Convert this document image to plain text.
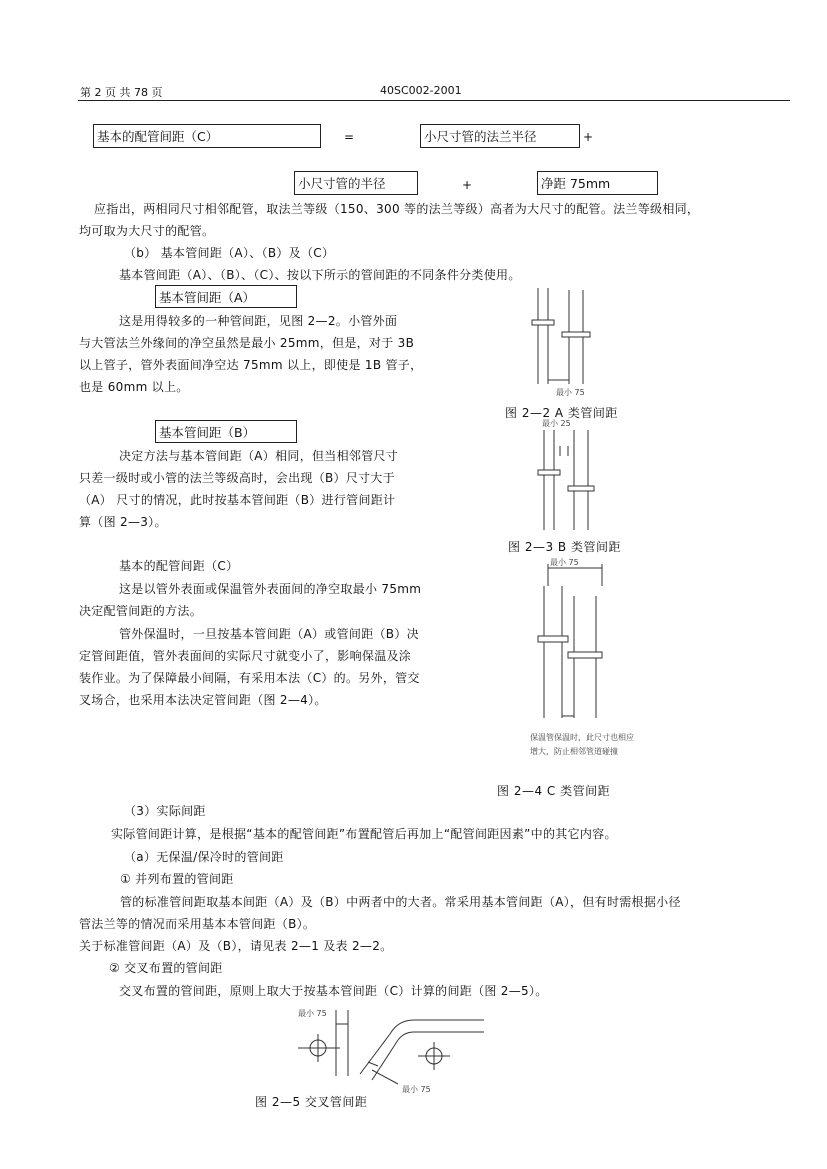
第 2 页 共 78 页	40SC002-2001
基本的配管间距（C）	=	小尺寸管的法兰半径	+
小尺寸管的半径	+	净距 75mm
应指出，两相同尺寸相邻配管，取法兰等级（150、300 等的法兰等级）高者为大尺寸的配管。法兰等级相同，
均可取为大尺寸的配管。
（b） 基本管间距（A）、（B）及（C）
基本管间距（A）、（B）、（C）、按以下所示的管间距的不同条件分类使用。
基本管间距（A）
这是用得较多的一种管间距，见图 2—2。小管外面
与大管法兰外缘间的净空虽然是最小 25mm，但是，对于 3B
以上管子，管外表面间净空达 75mm 以上，即使是 1B 管子，
也是 60mm 以上。
基本管间距（B）
决定方法与基本管间距（A）相同，但当相邻管尺寸
只差一级时或小管的法兰等级高时，会出现（B）尺寸大于
（A） 尺寸的情况，此时按基本管间距（B）进行管间距计
算（图 2—3）。
基本的配管间距（C）
这是以管外表面或保温管外表面间的净空取最小 75mm
决定配管间距的方法。
管外保温时，一旦按基本管间距（A）或管间距（B）决
定管间距值，管外表面间的实际尺寸就变小了，影响保温及涂
装作业。为了保障最小间隔，有采用本法（C）的。另外，管交
叉场合，也采用本法决定管间距（图 2—4）。
最小 75
图 2—2 A 类管间距
最小 25
图 2—3 B 类管间距
最小 75
保温管保温时，此尺寸也相应
增大，防止相邻管道碰撞
图 2—4 C 类管间距
（3）实际间距
实际管间距计算，是根据“基本的配管间距”布置配管后再加上“配管间距因素”中的其它内容。
（a）无保温/保冷时的管间距
① 并列布置的管间距
管的标准管间距取基本间距（A）及（B）中两者中的大者。常采用基本管间距（A），但有时需根据小径
管法兰等的情况而采用基本本管间距（B）。
关于标准管间距（A）及（B），请见表 2—1 及表 2—2。
② 交叉布置的管间距
交叉布置的管间距，原则上取大于按基本管间距（C）计算的间距（图 2—5）。
最小 75
最小 75
图 2—5 交叉管间距
